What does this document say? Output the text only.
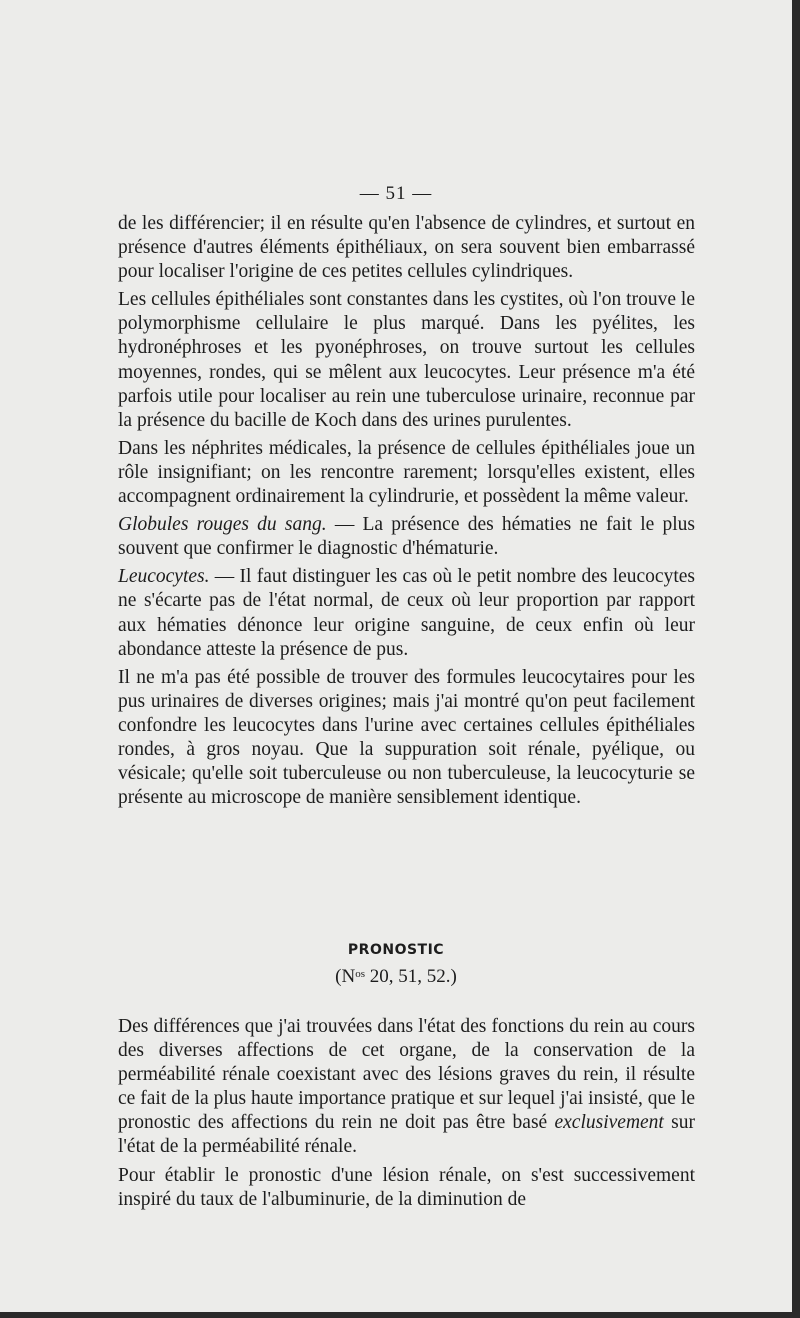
— 51 —

de les différencier; il en résulte qu'en l'absence de cylindres, et surtout en présence d'autres éléments épithéliaux, on sera souvent bien embarrassé pour localiser l'origine de ces petites cellules cylindriques.

Les cellules épithéliales sont constantes dans les cystites, où l'on trouve le polymorphisme cellulaire le plus marqué. Dans les pyélites, les hydronéphroses et les pyonéphroses, on trouve surtout les cellules moyennes, rondes, qui se mêlent aux leucocytes. Leur présence m'a été parfois utile pour localiser au rein une tuberculose urinaire, reconnue par la présence du bacille de Koch dans des urines purulentes.

Dans les néphrites médicales, la présence de cellules épithéliales joue un rôle insignifiant; on les rencontre rarement; lorsqu'elles existent, elles accompagnent ordinairement la cylindrurie, et possèdent la même valeur.

Globules rouges du sang. — La présence des hématies ne fait le plus souvent que confirmer le diagnostic d'hématurie.

Leucocytes. — Il faut distinguer les cas où le petit nombre des leucocytes ne s'écarte pas de l'état normal, de ceux où leur proportion par rapport aux hématies dénonce leur origine sanguine, de ceux enfin où leur abondance atteste la présence de pus.

Il ne m'a pas été possible de trouver des formules leucocytaires pour les pus urinaires de diverses origines; mais j'ai montré qu'on peut facilement confondre les leucocytes dans l'urine avec certaines cellules épithéliales rondes, à gros noyau. Que la suppuration soit rénale, pyélique, ou vésicale; qu'elle soit tuberculeuse ou non tuberculeuse, la leucocyturie se présente au microscope de manière sensiblement identique.

PRONOSTIC
($N^{os}$ 20, 51, 52.)

Des différences que j'ai trouvées dans l'état des fonctions du rein au cours des diverses affections de cet organe, de la conservation de la perméabilité rénale coexistant avec des lésions graves du rein, il résulte ce fait de la plus haute importance pratique et sur lequel j'ai insisté, que le pronostic des affections du rein ne doit pas être basé exclusivement sur l'état de la perméabilité rénale.

Pour établir le pronostic d'une lésion rénale, on s'est successivement inspiré du taux de l'albuminurie, de la diminution de
